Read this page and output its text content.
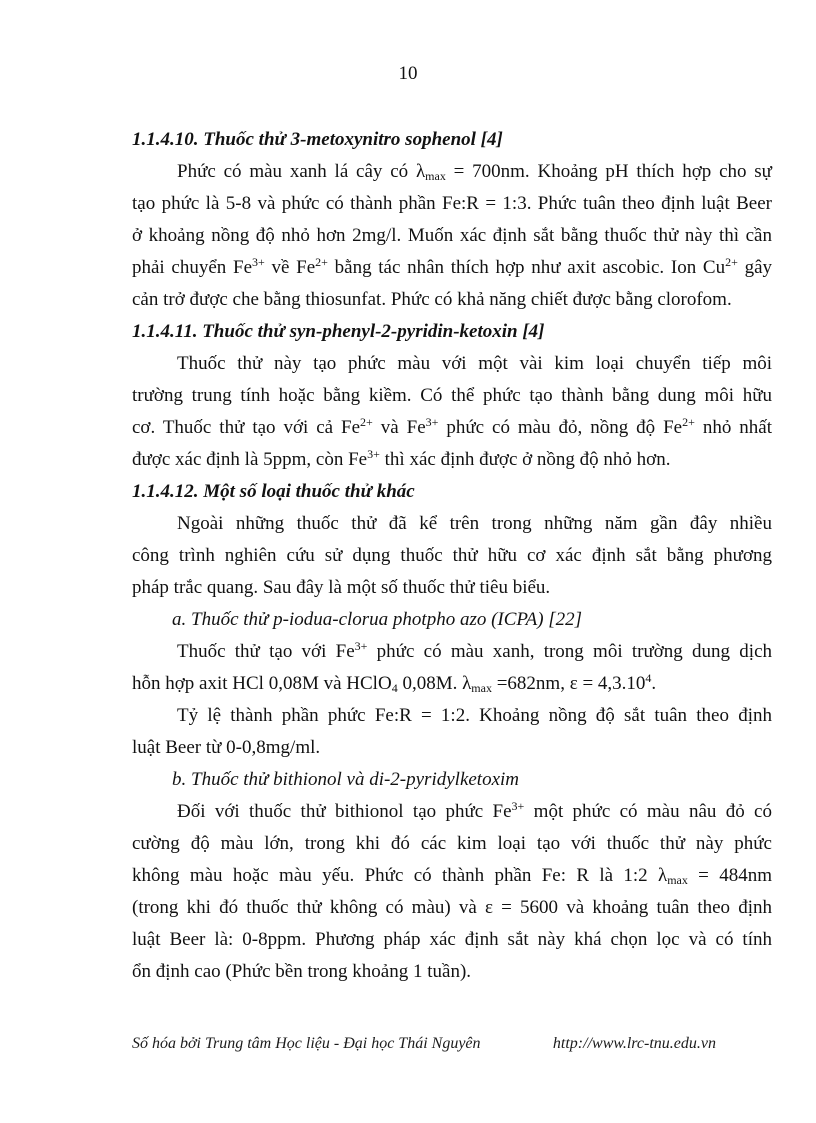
10
1.1.4.10. Thuốc thử 3-metoxynitro sophenol [4]
Phức có màu xanh lá cây có $\lambda_{max} = 700nm$. Khoảng pH thích hợp cho sự
tạo phức là 5-8 và phức có thành phần Fe:R = 1:3. Phức tuân theo định luật Beer
ở khoảng nồng độ nhỏ hơn 2mg/l. Muốn xác định sắt bằng thuốc thử này thì cần
phải chuyển $Fe^{3+}$ về $Fe^{2+}$ bằng tác nhân thích hợp như axit ascobic. Ion $Cu^{2+}$ gây
cản trở được che bằng thiosunfat. Phức có khả năng chiết được bằng clorofom.
1.1.4.11. Thuốc thử syn-phenyl-2-pyridin-ketoxin [4]
Thuốc thử này tạo phức màu với một vài kim loại chuyển tiếp môi
trường trung tính hoặc bằng kiềm. Có thể phức tạo thành bằng dung môi hữu
cơ. Thuốc thử tạo với cả $Fe^{2+}$ và $Fe^{3+}$ phức có màu đỏ, nồng độ $Fe^{2+}$ nhỏ nhất
được xác định là 5ppm, còn $Fe^{3+}$ thì xác định được ở nồng độ nhỏ hơn.
1.1.4.12. Một số loại thuốc thử khác
Ngoài những thuốc thử đã kể trên trong những năm gần đây nhiều
công trình nghiên cứu sử dụng thuốc thử hữu cơ xác định sắt bằng phương
pháp trắc quang. Sau đây là một số thuốc thử tiêu biểu.
a. Thuốc thử p-iodua-clorua photpho azo (ICPA) [22]
Thuốc thử tạo với $Fe^{3+}$ phức có màu xanh, trong môi trường dung dịch
hỗn hợp axit HCl 0,08M và HClO$_4$ 0,08M. $\lambda_{max} =682nm$, $\varepsilon = 4,3.10^4$.
Tỷ lệ thành phần phức Fe:R = 1:2. Khoảng nồng độ sắt tuân theo định
luật Beer từ 0-0,8mg/ml.
b. Thuốc thử bithionol và di-2-pyridylketoxim
Đối với thuốc thử bithionol tạo phức $Fe^{3+}$ một phức có màu nâu đỏ có
cường độ màu lớn, trong khi đó các kim loại tạo với thuốc thử này phức
không màu hoặc màu yếu. Phức có thành phần Fe: R là 1:2 $\lambda_{max} = 484nm$
(trong khi đó thuốc thử không có màu) và ε = 5600 và khoảng tuân theo định
luật Beer là: 0-8ppm. Phương pháp xác định sắt này khá chọn lọc và có tính
ổn định cao (Phức bền trong khoảng 1 tuần).
Số hóa bởi Trung tâm Học liệu - Đại học Thái Nguyên	http://www.lrc-tnu.edu.vn
